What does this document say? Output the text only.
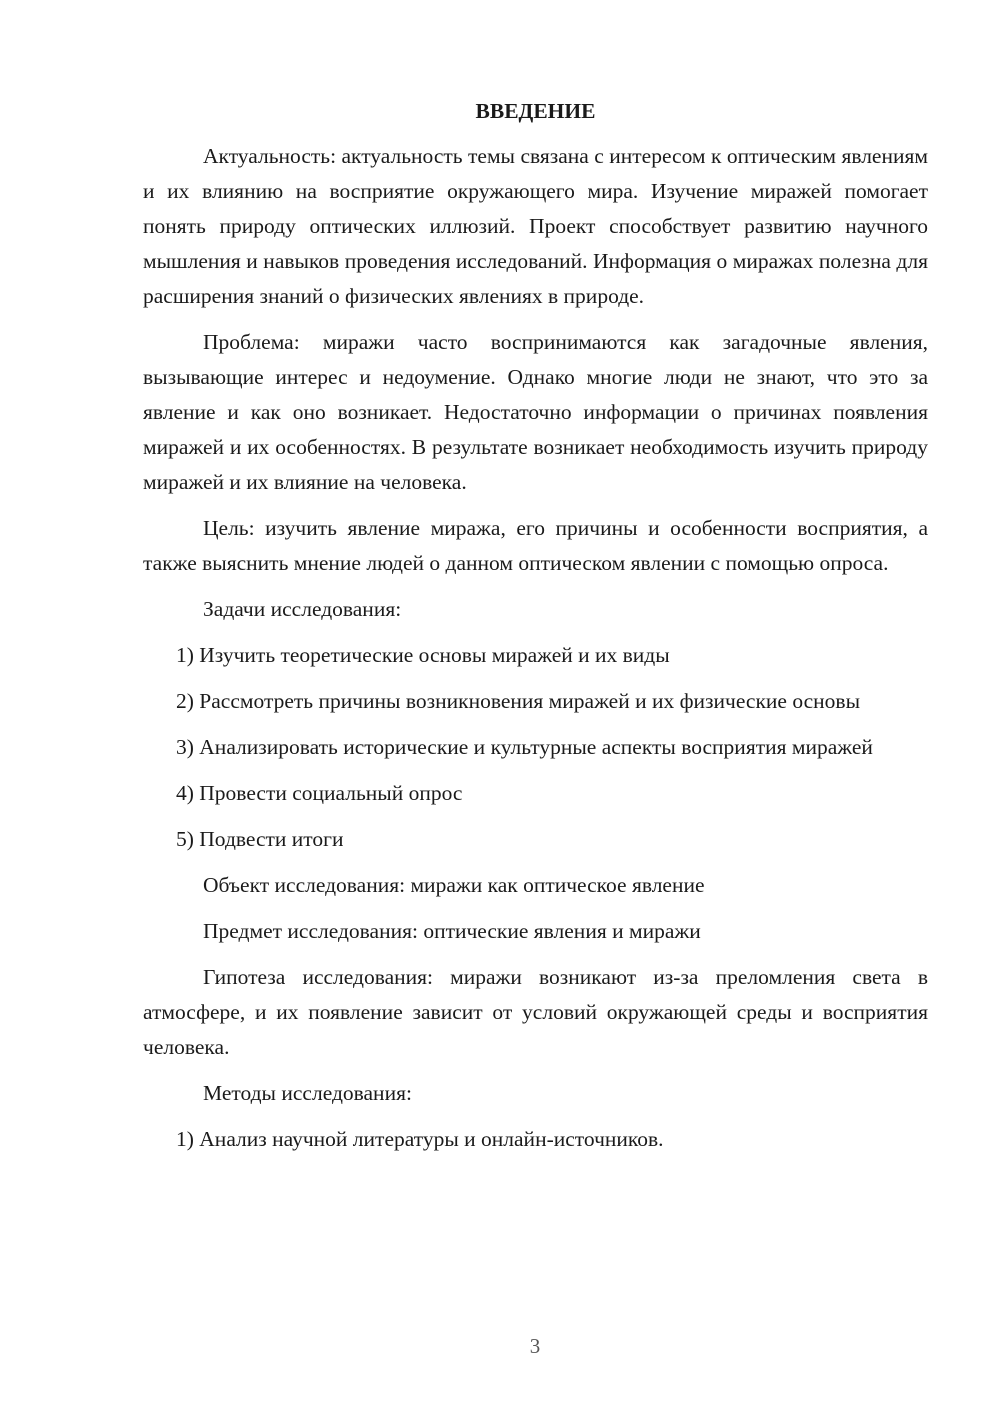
ВВЕДЕНИЕ

Актуальность: актуальность темы связана с интересом к оптическим явлениям и их влиянию на восприятие окружающего мира. Изучение миражей помогает понять природу оптических иллюзий. Проект способствует развитию научного мышления и навыков проведения исследований. Информация о миражах полезна для расширения знаний о физических явлениях в природе.

Проблема: миражи часто воспринимаются как загадочные явления, вызывающие интерес и недоумение. Однако многие люди не знают, что это за явление и как оно возникает. Недостаточно информации о причинах появления миражей и их особенностях. В результате возникает необходимость изучить природу миражей и их влияние на человека.

Цель: изучить явление миража, его причины и особенности восприятия, а также выяснить мнение людей о данном оптическом явлении с помощью опроса.

Задачи исследования:

1) Изучить теоретические основы миражей и их виды

2) Рассмотреть причины возникновения миражей и их физические основы

3) Анализировать исторические и культурные аспекты восприятия миражей

4) Провести социальный опрос

5) Подвести итоги

Объект исследования: миражи как оптическое явление

Предмет исследования: оптические явления и миражи

Гипотеза исследования: миражи возникают из-за преломления света в атмосфере, и их появление зависит от условий окружающей среды и восприятия человека.

Методы исследования:

1) Анализ научной литературы и онлайн-источников.

3
